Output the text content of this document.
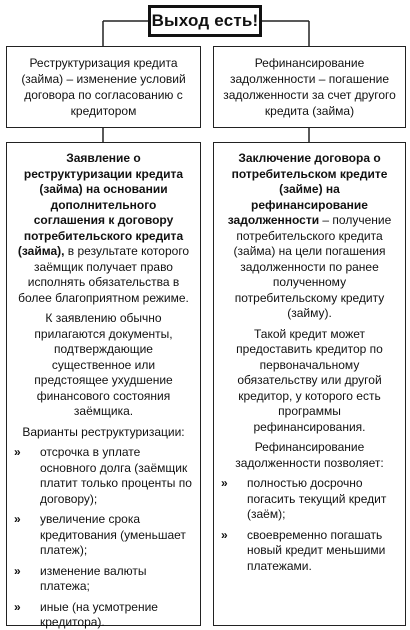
Выход есть!
Реструктуризация кредита (займа) – изменение условий договора по согласованию с кредитором
Рефинансирование задолженности – погашение задолженности за счет другого кредита (займа)

Заявление о реструктуризации кредита (займа) на основании дополнительного соглашения к договору потребительского кредита (займа), в результате которого заёмщик получает право исполнять обязательства в более благоприятном режиме.

К заявлению обычно прилагаются документы, подтверждающие существенное или предстоящее ухудшение финансового состояния заёмщика.

Варианты реструктуризации:

» отсрочка в уплате основного долга (заёмщик платит только проценты по договору);
» увеличение срока кредитования (уменьшает платеж);
» изменение валюты платежа;
» иные (на усмотрение кредитора).

Заключение договора о потребительском кредите (займе) на рефинансирование задолженности – получение потребительского кредита (займа) на цели погашения задолженности по ранее полученному потребительскому кредиту (займу).

Такой кредит может предоставить кредитор по первоначальному обязательству или другой кредитор, у которого есть программы рефинансирования.

Рефинансирование задолженности позволяет:

» полностью досрочно погасить текущий кредит (заём);
» своевременно погашать новый кредит меньшими платежами.
